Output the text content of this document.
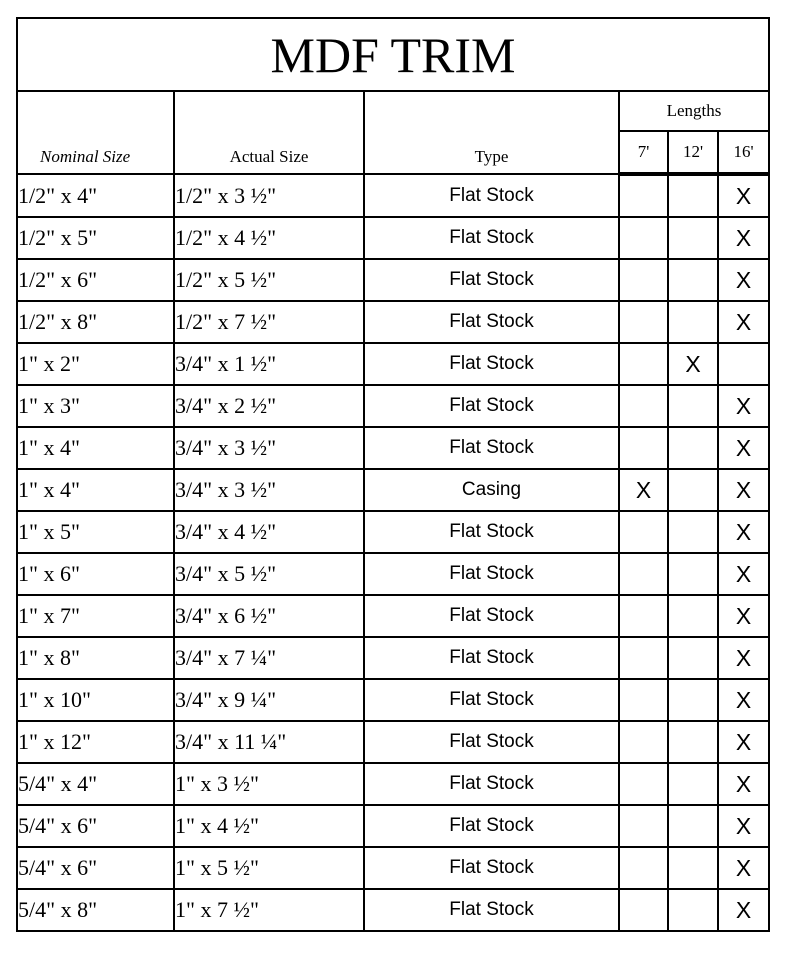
MDF TRIM					
Nominal Size	Actual Size	Type	Lengths		
			7'	12'	16'
1/2" x 4"	1/2" x 3 ½"	Flat Stock			X
1/2" x 5"	1/2" x 4 ½"	Flat Stock			X
1/2" x 6"	1/2" x 5 ½"	Flat Stock			X
1/2" x 8"	1/2" x 7 ½"	Flat Stock			X
1" x 2"	3/4" x 1 ½"	Flat Stock		X	
1" x 3"	3/4" x 2 ½"	Flat Stock			X
1" x 4"	3/4" x 3 ½"	Flat Stock			X
1" x 4"	3/4" x 3 ½"	Casing	X		X
1" x 5"	3/4" x 4 ½"	Flat Stock			X
1" x 6"	3/4" x 5 ½"	Flat Stock			X
1" x 7"	3/4" x 6 ½"	Flat Stock			X
1" x 8"	3/4" x 7 ¼"	Flat Stock			X
1" x 10"	3/4" x 9 ¼"	Flat Stock			X
1" x 12"	3/4" x 11 ¼"	Flat Stock			X
5/4" x 4"	1" x 3 ½"	Flat Stock			X
5/4" x 6"	1" x 4 ½"	Flat Stock			X
5/4" x 6"	1" x 5 ½"	Flat Stock			X
5/4" x 8"	1" x 7 ½"	Flat Stock			X
